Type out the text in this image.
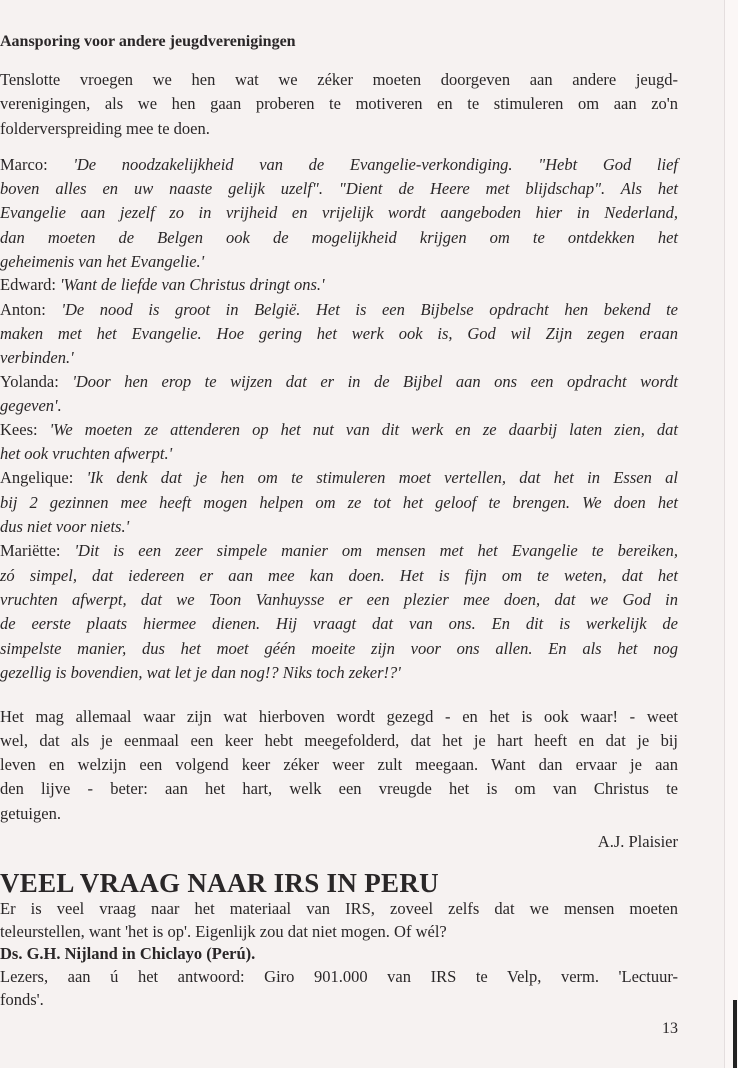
Aansporing voor andere jeugdverenigingen
Tenslotte vroegen we hen wat we zéker moeten doorgeven aan andere jeugd-
verenigingen, als we hen gaan proberen te motiveren en te stimuleren om aan zo'n
folderverspreiding mee te doen.
Marco: 'De noodzakelijkheid van de Evangelie-verkondiging. "Hebt God lief
boven alles en uw naaste gelijk uzelf". "Dient de Heere met blijdschap". Als het
Evangelie aan jezelf zo in vrijheid en vrijelijk wordt aangeboden hier in Nederland,
dan moeten de Belgen ook de mogelijkheid krijgen om te ontdekken het
geheimenis van het Evangelie.'
Edward: 'Want de liefde van Christus dringt ons.'
Anton: 'De nood is groot in België. Het is een Bijbelse opdracht hen bekend te
maken met het Evangelie. Hoe gering het werk ook is, God wil Zijn zegen eraan
verbinden.'
Yolanda: 'Door hen erop te wijzen dat er in de Bijbel aan ons een opdracht wordt
gegeven'.
Kees: 'We moeten ze attenderen op het nut van dit werk en ze daarbij laten zien, dat
het ook vruchten afwerpt.'
Angelique: 'Ik denk dat je hen om te stimuleren moet vertellen, dat het in Essen al
bij 2 gezinnen mee heeft mogen helpen om ze tot het geloof te brengen. We doen het
dus niet voor niets.'
Mariëtte: 'Dit is een zeer simpele manier om mensen met het Evangelie te bereiken,
zó simpel, dat iedereen er aan mee kan doen. Het is fijn om te weten, dat het
vruchten afwerpt, dat we Toon Vanhuysse er een plezier mee doen, dat we God in
de eerste plaats hiermee dienen. Hij vraagt dat van ons. En dit is werkelijk de
simpelste manier, dus het moet géén moeite zijn voor ons allen. En als het nog
gezellig is bovendien, wat let je dan nog!? Niks toch zeker!?'
Het mag allemaal waar zijn wat hierboven wordt gezegd - en het is ook waar! - weet
wel, dat als je eenmaal een keer hebt meegefolderd, dat het je hart heeft en dat je bij
leven en welzijn een volgend keer zéker weer zult meegaan. Want dan ervaar je aan
den lijve - beter: aan het hart, welk een vreugde het is om van Christus te
getuigen.
A.J. Plaisier
VEEL VRAAG NAAR IRS IN PERU
Er is veel vraag naar het materiaal van IRS, zoveel zelfs dat we mensen moeten
teleurstellen, want 'het is op'. Eigenlijk zou dat niet mogen. Of wél?
Ds. G.H. Nijland in Chiclayo (Perú).
Lezers, aan ú het antwoord: Giro 901.000 van IRS te Velp, verm. 'Lectuur-
fonds'.
13
